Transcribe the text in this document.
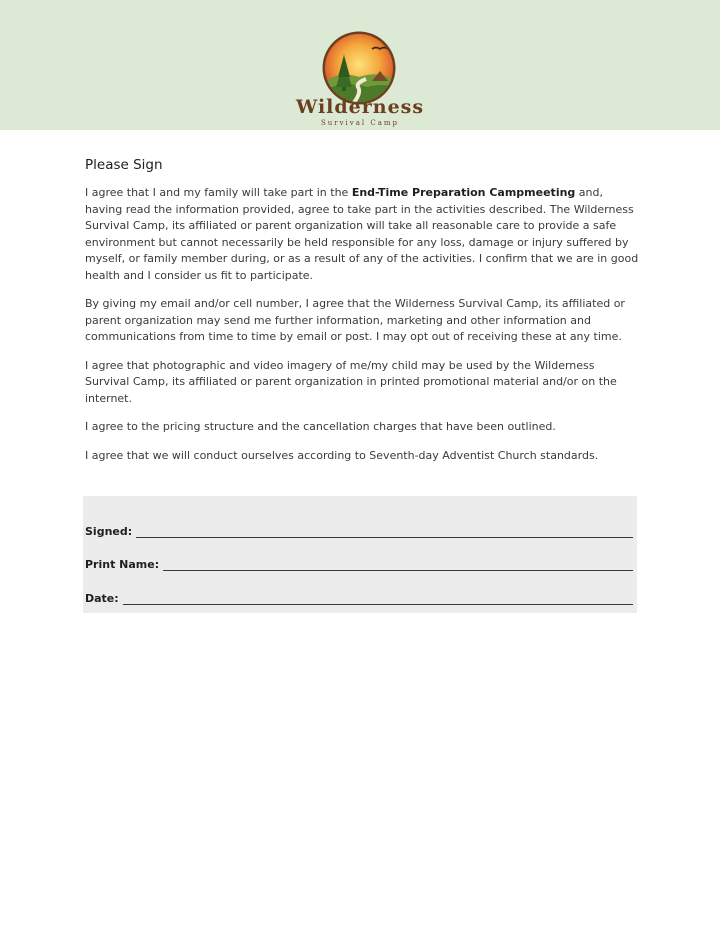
Wilderness
Survival Camp
Please Sign

I agree that I and my family will take part in the End-Time Preparation Campmeeting and, having read the information provided, agree to take part in the activities described. The Wilderness Survival Camp, its affiliated or parent organization will take all reasonable care to provide a safe environment but cannot necessarily be held responsible for any loss, damage or injury suffered by myself, or family member during, or as a result of any of the activities. I confirm that we are in good health and I consider us fit to participate.

By giving my email and/or cell number, I agree that the Wilderness Survival Camp, its affiliated or parent organization may send me further information, marketing and other information and communications from time to time by email or post. I may opt out of receiving these at any time.

I agree that photographic and video imagery of me/my child may be used by the Wilderness Survival Camp, its affiliated or parent organization in printed promotional material and/or on the internet.

I agree to the pricing structure and the cancellation charges that have been outlined.

I agree that we will conduct ourselves according to Seventh-day Adventist Church standards.

Signed:
Print Name:
Date:
